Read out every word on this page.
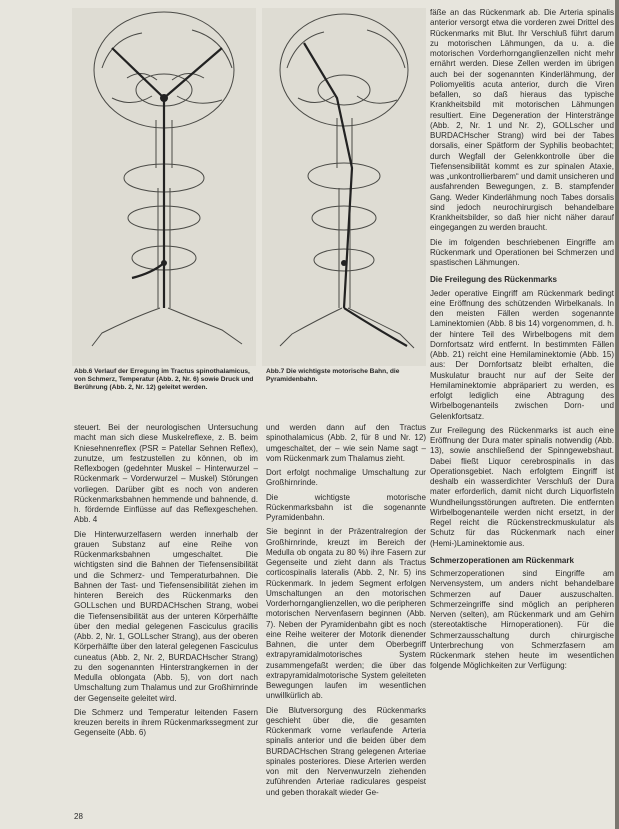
Abb.6 Verlauf der Erregung im Tractus spinothalamicus, von Schmerz, Temperatur (Abb. 2, Nr. 6) sowie Druck und Berührung (Abb. 2, Nr. 12) geleitet werden.
Abb.7 Die wichtigste motorische Bahn, die Pyramidenbahn.

steuert. Bei der neurologischen Untersuchung macht man sich diese Muskelreflexe, z. B. beim Kniesehnenreflex (PSR = Patellar Sehnen Reflex), zunutze, um festzustellen zu können, ob im Reflexbogen (gedehnter Muskel – Hinterwurzel – Rückenmark – Vorderwurzel – Muskel) Störungen vorliegen. Darüber gibt es noch von anderen Rückenmarksbahnen hemmende und bahnende, d. h. fördernde Einflüsse auf das Reflexgeschehen. Abb. 4

Die Hinterwurzelfasern werden innerhalb der grauen Substanz auf eine Reihe von Rückenmarksbahnen umgeschaltet. Die wichtigsten sind die Bahnen der Tiefensensibilität und die Schmerz- und Temperaturbahnen. Die Bahnen der Tast- und Tiefensensibilität ziehen im hinteren Bereich des Rückenmarks den GOLLschen und BURDACHschen Strang, wobei die Tiefensensibilität aus der unteren Körperhälfte über den medial gelegenen Fasciculus gracilis (Abb. 2, Nr. 1, GOLLscher Strang), aus der oberen Körperhälfte über den lateral gelegenen Fasciculus cuneatus (Abb. 2, Nr. 2, BURDACHscher Strang) zu den sogenannten Hinterstrangkernen in der Medulla oblongata (Abb. 5), von dort nach Umschaltung zum Thalamus und zur Großhirnrinde der Gegenseite geleitet wird.

Die Schmerz und Temperatur leitenden Fasern kreuzen bereits in ihrem Rückenmarkssegment zur Gegenseite (Abb. 6)

und werden dann auf den Tractus spinothalamicus (Abb. 2, für 8 und Nr. 12) umgeschaltet, der – wie sein Name sagt – vom Rückenmark zum Thalamus zieht.

Dort erfolgt nochmalige Umschaltung zur Großhirnrinde.

Die wichtigste motorische Rückenmarksbahn ist die sogenannte Pyramidenbahn.

Sie beginnt in der Präzentralregion der Großhirnrinde, kreuzt im Bereich der Medulla ob ongata zu 80 %) ihre Fasern zur Gegenseite und zieht dann als Tractus corticospinalis lateralis (Abb. 2, Nr. 5) ins Rückenmark. In jedem Segment erfolgen Umschaltungen an den motorischen Vorderhornganglienzellen, wo die peripheren motorischen Nervenfasern beginnen (Abb. 7). Neben der Pyramidenbahn gibt es noch eine Reihe weiterer der Motorik dienender Bahnen, die unter dem Oberbegriff extrapyramidalmotorisches System zusammengefaßt werden; die über das extrapyramidalmotorische System geleiteten Bewegungen laufen im wesentlichen unwillkürlich ab.

Die Blutversorgung des Rückenmarks geschieht über die, die gesamten Rückenmark vorne verlaufende Arteria spinalis anterior und die beiden über dem BURDACHschen Strang gelegenen Arteriae spinales posteriores. Diese Arterien werden von mit den Nervenwurzeln ziehenden zuführenden Arteriae radiculares gespeist und geben thorakalt wieder Ge-

fäße an das Rückenmark ab. Die Arteria spinalis anterior versorgt etwa die vorderen zwei Drittel des Rückenmarks mit Blut. Ihr Verschluß führt darum zu motorischen Lähmungen, da u. a. die motorischen Vorderhornganglienzellen nicht mehr ernährt werden. Diese Zellen werden im übrigen auch bei der sogenannten Kinderlähmung, der Poliomyelitis acuta anterior, durch die Viren befallen, so daß hieraus das typische Krankheitsbild mit motorischen Lähmungen resultiert. Eine Degeneration der Hinterstränge (Abb. 2, Nr. 1 und Nr. 2), GOLLscher und BURDACHscher Strang) wird bei der Tabes dorsalis, einer Spätform der Syphilis beobachtet; durch Wegfall der Gelenkkontrolle über die Tiefensensibilität kommt es zur spinalen Ataxie, was „unkontrollierbarem“ und damit unsicheren und ausfahrenden Bewegungen, z. B. stampfender Gang. Weder Kinderlähmung noch Tabes dorsalis sind jedoch neurochirurgisch behandelbare Krankheitsbilder, so daß hier nicht näher darauf eingegangen zu werden braucht.

Die im folgenden beschriebenen Eingriffe am Rückenmark und Operationen bei Schmerzen und spastischen Lähmungen.

Die Freilegung des Rückenmarks

Jeder operative Eingriff am Rückenmark bedingt eine Eröffnung des schützenden Wirbelkanals. In den meisten Fällen werden sogenannte Laminektomien (Abb. 8 bis 14) vorgenommen, d. h. der hintere Teil des Wirbelbogens mit dem Dornfortsatz wird entfernt. In bestimmten Fällen (Abb. 21) reicht eine Hemilaminektomie (Abb. 15) aus: Der Dornfortsatz bleibt erhalten, die Muskulatur braucht nur auf der Seite der Hemilaminektomie abpräpariert zu werden, es erfolgt lediglich eine Abtragung des Wirbelbogenanteils zwischen Dorn- und Gelenkfortsatz.

Zur Freilegung des Rückenmarks ist auch eine Eröffnung der Dura mater spinalis notwendig (Abb. 13), sowie anschließend der Spinngewebshaut. Dabei fließt Liquor cerebrospinalis in das Operationsgebiet. Nach erfolgtem Eingriff ist deshalb ein wasserdichter Verschluß der Dura mater erforderlich, damit nicht durch Liquorfisteln Wundheilungsstörungen auftreten. Die entfernten Wirbelbogenanteile werden nicht ersetzt, in der Regel reicht die Rückenstreckmuskulatur als Schutz für das Rückenmark nach einer (Hemi-)Laminektomie aus.

Schmerzoperationen am Rückenmark

Schmerzoperationen sind Eingriffe am Nervensystem, um anders nicht behandelbare Schmerzen auf Dauer auszuschalten. Schmerzeingriffe sind möglich an peripheren Nerven (selten), am Rückenmark und am Gehirn (stereotaktische Hirnoperationen). Für die Schmerzausschaltung durch chirurgische Unterbrechung von Schmerzfasern am Rückenmark stehen heute im wesentlichen folgende Möglichkeiten zur Verfügung:

28
